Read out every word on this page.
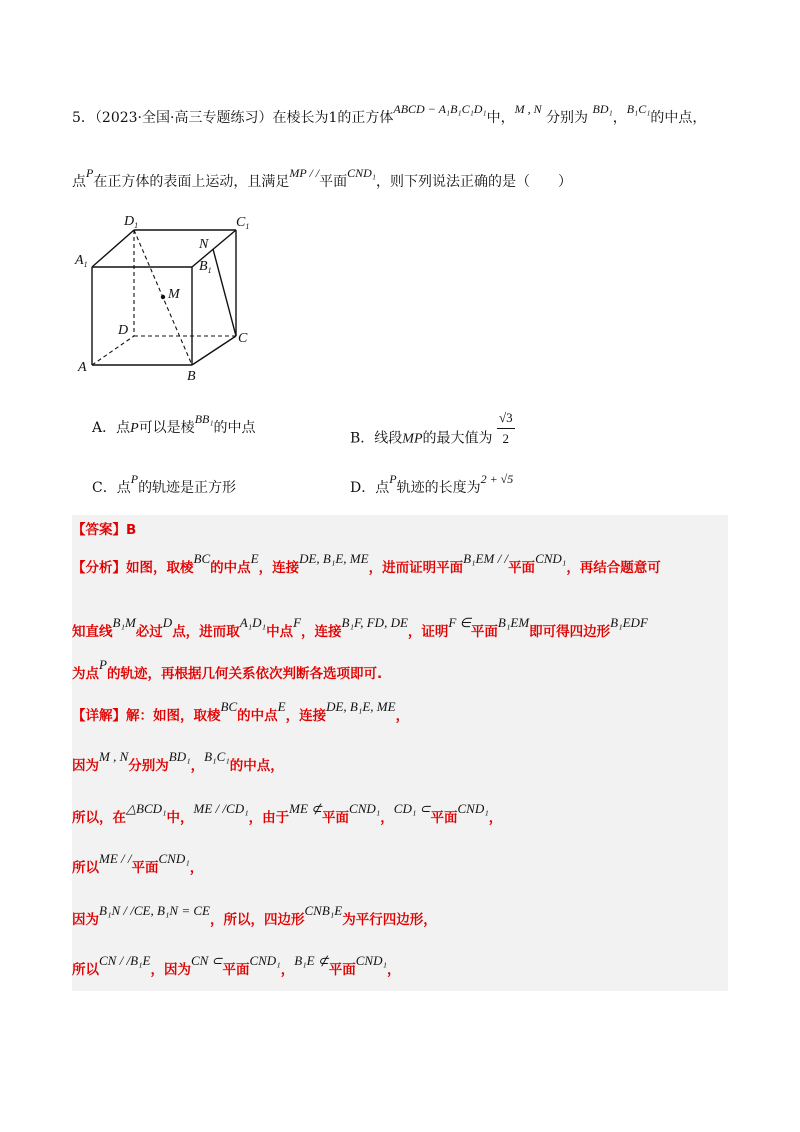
5．（2023·全国·高三专题练习）在棱长为1的正方体ABCD − A₁B₁C₁D₁中，M , N 分别为 BD₁，B₁C₁的中点，
点P在正方体的表面上运动，且满足MP / /平面CND₁，则下列说法正确的是（　　）
$D_1$	$C_1$
$A_1$
N
$B_1$
M
D
C
A
B
A．点P可以是棱BB₁的中点
B．线段MP的最大值为 $\frac{√3}{2}$
C．点P的轨迹是正方形	D．点P轨迹的长度为2 + √5
【答案】B
【分析】如图，取棱BC的中点E，连接DE, B₁E, ME，进而证明平面B₁EM / /平面CND₁，再结合题意可
知直线B₁M必过D点，进而取A₁D₁中点F，连接B₁F, FD, DE，证明F ∈平面B₁EM即可得四边形B₁EDF
为点P的轨迹，再根据几何关系依次判断各选项即可.
【详解】解：如图，取棱BC的中点E，连接DE, B₁E, ME，
因为M , N分别为BD₁，B₁C₁的中点，
所以，在△BCD₁中，ME / /CD₁，由于ME ⊄平面CND₁，CD₁ ⊂平面CND₁，
所以ME / /平面CND₁，
因为B₁N / /CE, B₁N = CE，所以，四边形CNB₁E为平行四边形，
所以CN / /B₁E，因为CN ⊂平面CND₁，B₁E ⊄平面CND₁，
